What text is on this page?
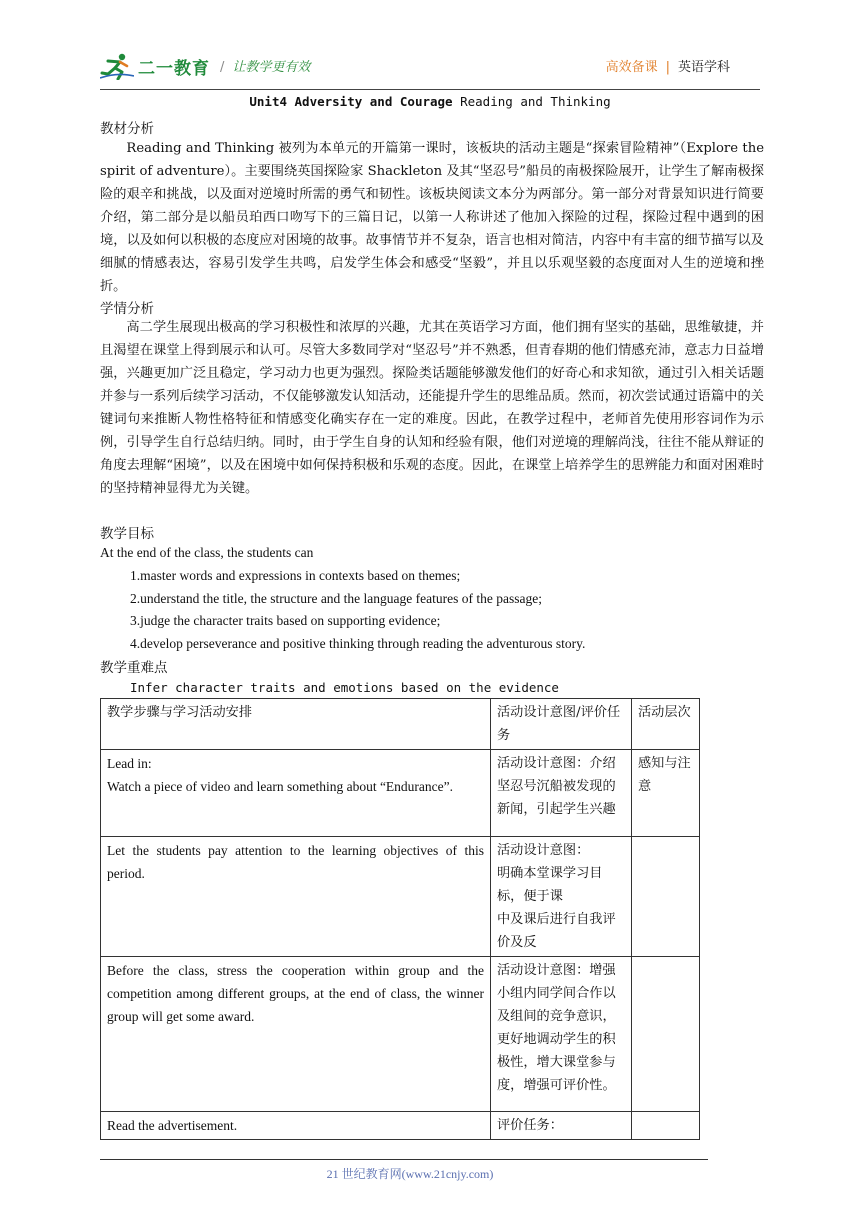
二一教育 / 让教学更有效	高效备课 | 英语学科
Unit4 Adversity and Courage Reading and Thinking

教材分析

Reading and Thinking 被列为本单元的开篇第一课时，该板块的活动主题是“探索冒险精神”（Explore the spirit of adventure）。主要围绕英国探险家 Shackleton 及其“坚忍号”船员的南极探险展开，让学生了解南极探险的艰辛和挑战，以及面对逆境时所需的勇气和韧性。该板块阅读文本分为两部分。第一部分对背景知识进行简要介绍，第二部分是以船员珀西口吻写下的三篇日记，以第一人称讲述了他加入探险的过程，探险过程中遇到的困境，以及如何以积极的态度应对困境的故事。故事情节并不复杂，语言也相对简洁，内容中有丰富的细节描写以及细腻的情感表达，容易引发学生共鸣，启发学生体会和感受“坚毅”，并且以乐观坚毅的态度面对人生的逆境和挫折。

学情分析

高二学生展现出极高的学习积极性和浓厚的兴趣，尤其在英语学习方面，他们拥有坚实的基础，思维敏捷，并且渴望在课堂上得到展示和认可。尽管大多数同学对“坚忍号”并不熟悉，但青春期的他们情感充沛，意志力日益增强，兴趣更加广泛且稳定，学习动力也更为强烈。探险类话题能够激发他们的好奇心和求知欲，通过引入相关话题并参与一系列后续学习活动，不仅能够激发认知活动，还能提升学生的思维品质。然而，初次尝试通过语篇中的关键词句来推断人物性格特征和情感变化确实存在一定的难度。因此，在教学过程中，老师首先使用形容词作为示例，引导学生自行总结归纳。同时，由于学生自身的认知和经验有限，他们对逆境的理解尚浅，往往不能从辩证的角度去理解“困境”，以及在困境中如何保持积极和乐观的态度。因此，在课堂上培养学生的思辨能力和面对困难时的坚持精神显得尤为关键。

教学目标

At the end of the class, the students can

1.master words and expressions in contexts based on themes;

2.understand the title, the structure and the language features of the passage;

3.judge the character traits based on supporting evidence;

4.develop perseverance and positive thinking through reading the adventurous story.

教学重难点

Infer character traits and emotions based on the evidence

教学步骤与学习活动安排	活动设计意图/评价任务	活动层次
Lead in:
Watch a piece of video and learn something about “Endurance”.	活动设计意图：介绍坚忍号沉船被发现的新闻，引起学生兴趣	感知与注意
Let the students pay attention to the learning objectives of this period.	活动设计意图：
明确本堂课学习目标，便于课
中及课后进行自我评价及反	
Before the class, stress the cooperation within group and the competition among different groups, at the end of class, the winner group will get some award.	活动设计意图：增强小组内同学间合作以及组间的竞争意识，更好地调动学生的积极性，增大课堂参与度，增强可评价性。	
Read the advertisement.	评价任务：	
21 世纪教育网(www.21cnjy.com)
